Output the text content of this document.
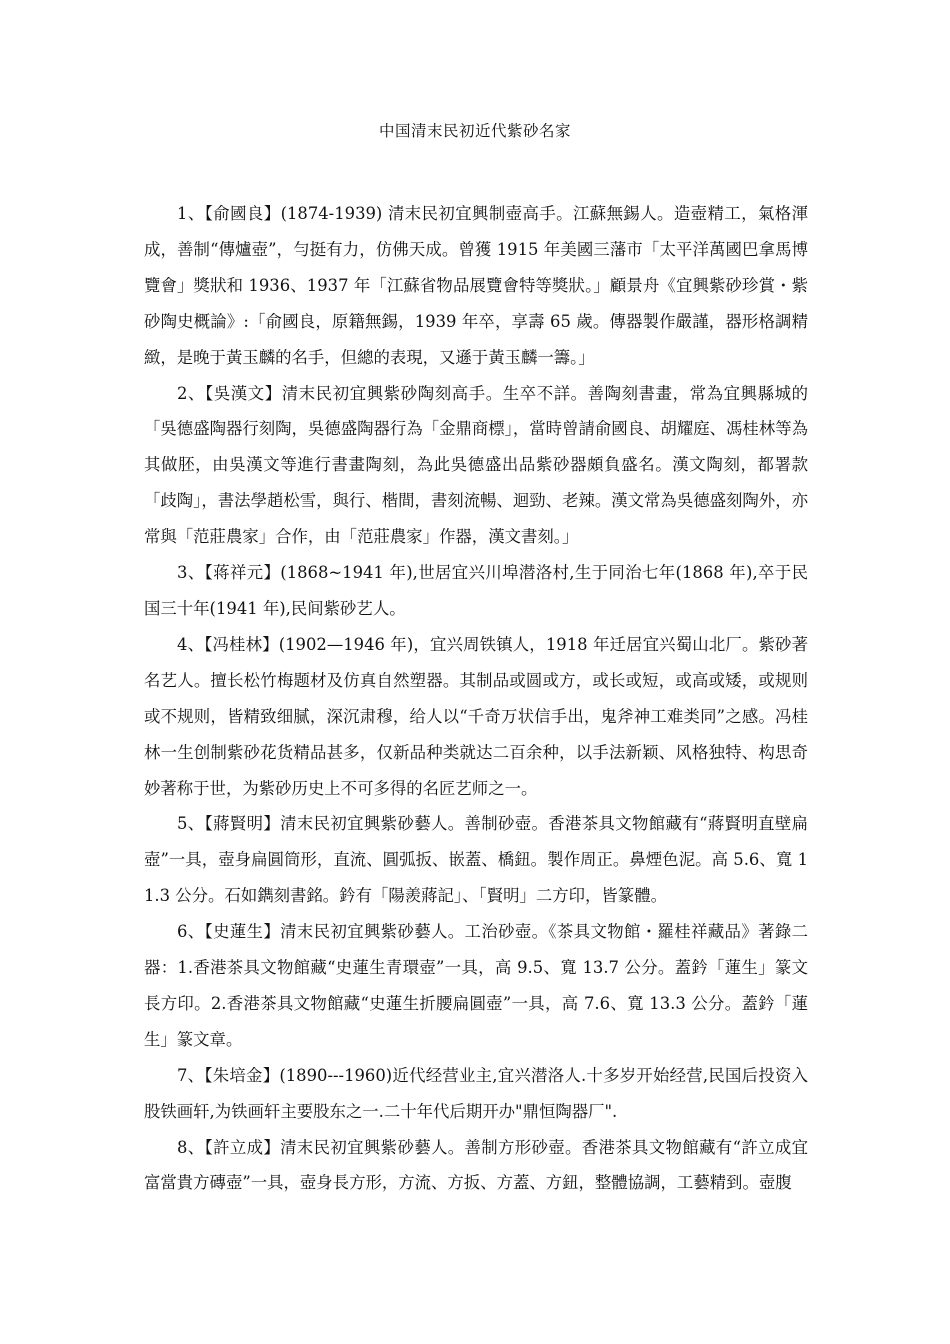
中国清末民初近代紫砂名家

1、【俞國良】(1874-1939) 清末民初宜興制壺高手。江蘇無錫人。造壺精工，氣格渾成，善制“傳爐壺”，勻挺有力，仿佛天成。曾獲 1915 年美國三藩市「太平洋萬國巴拿馬博覽會」獎狀和 1936、1937 年「江蘇省物品展覽會特等獎狀。」顧景舟《宜興紫砂珍賞・紫砂陶史概論》:「俞國良，原籍無錫，1939 年卒，享壽 65 歲。傳器製作嚴謹，器形格調精緻，是晚于黃玉麟的名手，但總的表現，又遜于黃玉麟一籌。」

2、【吳漢文】清末民初宜興紫砂陶刻高手。生卒不詳。善陶刻書畫，常為宜興縣城的「吳德盛陶器行刻陶，吳德盛陶器行為「金鼎商標」，當時曾請俞國良、胡耀庭、馮桂林等為其做胚，由吳漢文等進行書畫陶刻，為此吳德盛出品紫砂器頗負盛名。漢文陶刻，都署款「歧陶」，書法學趙松雪，與行、楷間，書刻流暢、迴勁、老辣。漢文常為吳德盛刻陶外，亦常與「范莊農家」合作，由「范莊農家」作器，漢文書刻。」

3、【蒋祥元】(1868~1941 年),世居宜兴川埠潜洛村,生于同治七年(1868 年),卒于民国三十年(1941 年),民间紫砂艺人。

4、【冯桂林】(1902—1946 年)，宜兴周铁镇人，1918 年迁居宜兴蜀山北厂。紫砂著名艺人。擅长松竹梅题材及仿真自然塑器。其制品或圆或方，或长或短，或高或矮，或规则或不规则，皆精致细腻，深沉肃穆，给人以“千奇万状信手出，鬼斧神工难类同”之感。冯桂林一生创制紫砂花货精品甚多，仅新品种类就达二百余种，以手法新颖、风格独特、构思奇妙著称于世，为紫砂历史上不可多得的名匠艺师之一。

5、【蔣賢明】清末民初宜興紫砂藝人。善制砂壺。香港茶具文物館藏有“蔣賢明直壁扁壺”一具，壺身扁圓筒形，直流、圓弧扳、嵌蓋、橋鈕。製作周正。鼻煙色泥。高 5.6、寬 11.3 公分。石如鐫刻書銘。鈐有「陽羨蔣記」、「賢明」二方印，皆篆體。

6、【史蓮生】清末民初宜興紫砂藝人。工治砂壺。《茶具文物館・羅桂祥藏品》著錄二器：1.香港茶具文物館藏“史蓮生青環壺”一具，高 9.5、寬 13.7 公分。蓋鈐「蓮生」篆文長方印。2.香港茶具文物館藏“史蓮生折腰扁圓壺”一具，高 7.6、寬 13.3 公分。蓋鈐「蓮生」篆文章。

7、【朱培金】(1890---1960)近代经营业主,宜兴潜洛人.十多岁开始经营,民国后投资入股铁画轩,为铁画轩主要股东之一.二十年代后期开办"鼎恒陶器厂".

8、【許立成】清末民初宜興紫砂藝人。善制方形砂壺。香港茶具文物館藏有“許立成宜富當貴方磚壺”一具，壺身長方形，方流、方扳、方蓋、方鈕，整體協調，工藝精到。壺腹
